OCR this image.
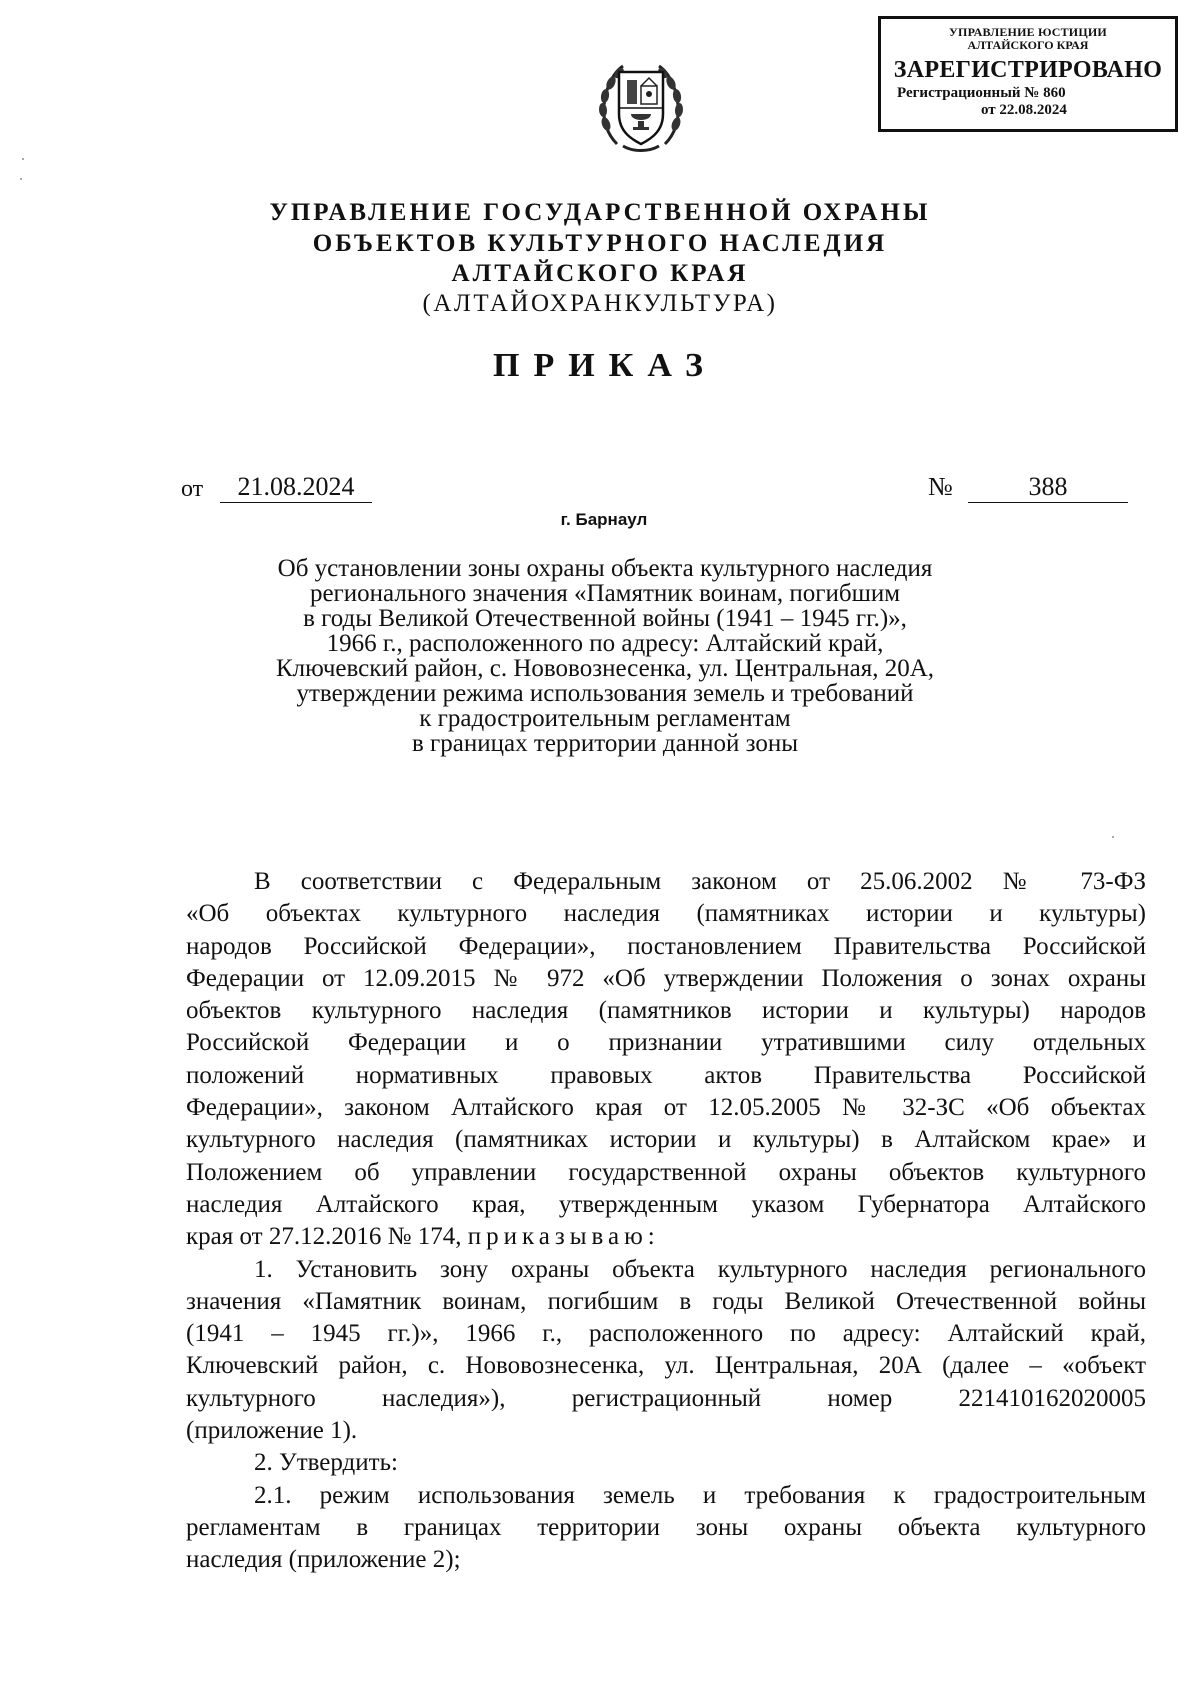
УПРАВЛЕНИЕ ЮСТИЦИИ
АЛТАЙСКОГО КРАЯ
ЗАРЕГИСТРИРОВАНО
Регистрационный № 860
от 22.08.2024
УПРАВЛЕНИЕ ГОСУДАРСТВЕННОЙ ОХРАНЫ
ОБЪЕКТОВ КУЛЬТУРНОГО НАСЛЕДИЯ
АЛТАЙСКОГО КРАЯ
(АЛТАЙОХРАНКУЛЬТУРА)
ПРИКАЗ
от	21.08.2024	№	388
г. Барнаул
Об установлении зоны охраны объекта культурного наследия
регионального значения «Памятник воинам, погибшим
в годы Великой Отечественной войны (1941 – 1945 гг.)»,
1966 г., расположенного по адресу: Алтайский край,
Ключевский район, с. Нововознесенка, ул. Центральная, 20А,
утверждении режима использования земель и требований
к градостроительным регламентам
в границах территории данной зоны
В соответствии с Федеральным законом от 25.06.2002 № 73-ФЗ
«Об объектах культурного наследия (памятниках истории и культуры)
народов Российской Федерации», постановлением Правительства Российской
Федерации от 12.09.2015 № 972 «Об утверждении Положения о зонах охраны
объектов культурного наследия (памятников истории и культуры) народов
Российской Федерации и о признании утратившими силу отдельных
положений нормативных правовых актов Правительства Российской
Федерации», законом Алтайского края от 12.05.2005 № 32-ЗС «Об объектах
культурного наследия (памятниках истории и культуры) в Алтайском крае» и
Положением об управлении государственной охраны объектов культурного
наследия Алтайского края, утвержденным указом Губернатора Алтайского
края от 27.12.2016 № 174, приказываю:
1. Установить зону охраны объекта культурного наследия регионального
значения «Памятник воинам, погибшим в годы Великой Отечественной войны
(1941 – 1945 гг.)», 1966 г., расположенного по адресу: Алтайский край,
Ключевский район, с. Нововознесенка, ул. Центральная, 20А (далее – «объект
культурного наследия»), регистрационный номер 221410162020005
(приложение 1).
2. Утвердить:
2.1. режим использования земель и требования к градостроительным
регламентам в границах территории зоны охраны объекта культурного
наследия (приложение 2);
